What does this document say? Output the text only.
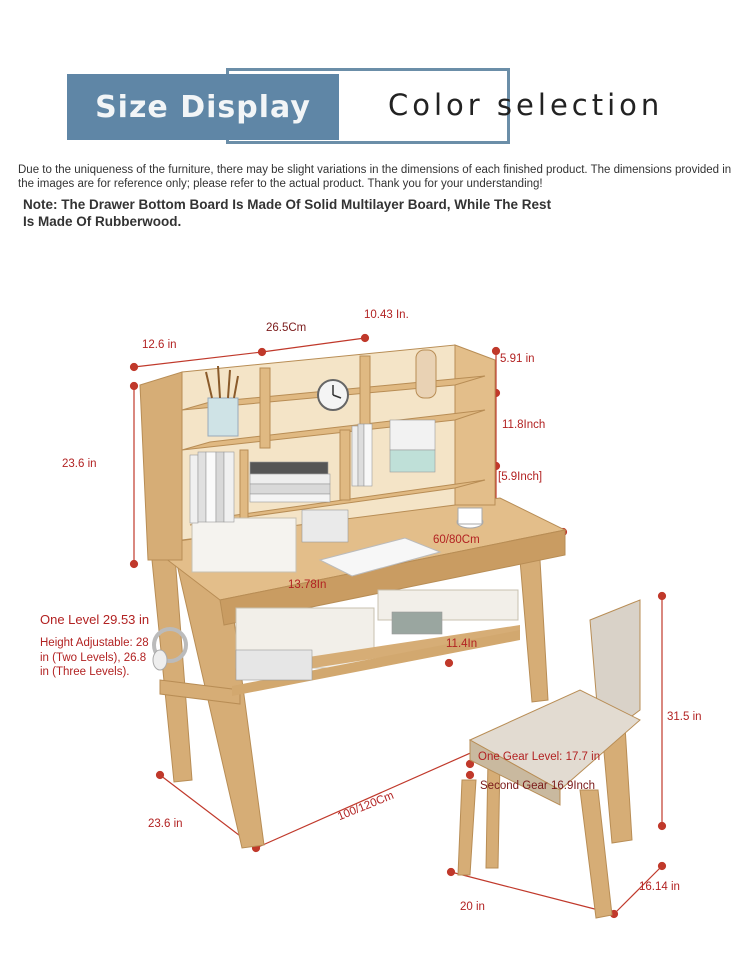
Size Display	Color selection
Due to the uniqueness of the furniture, there may be slight variations in the dimensions of each finished product. The dimensions provided in the images are for reference only; please refer to the actual product. Thank you for your understanding!
Note: The Drawer Bottom Board Is Made Of Solid Multilayer Board, While The Rest Is Made Of Rubberwood.
12.6 in
26.5Cm
10.43 In.
5.91 in
11.8Inch
[5.9Inch]
23.6 in
13.78In
60/80Cm
One Level 29.53 in
Height Adjustable: 28 in (Two Levels), 26.8 in (Three Levels).
11.4In
23.6 in
100/120Cm
31.5 in
One Gear Level: 17.7 in
Second Gear 16.9Inch
20 in
16.14 in
